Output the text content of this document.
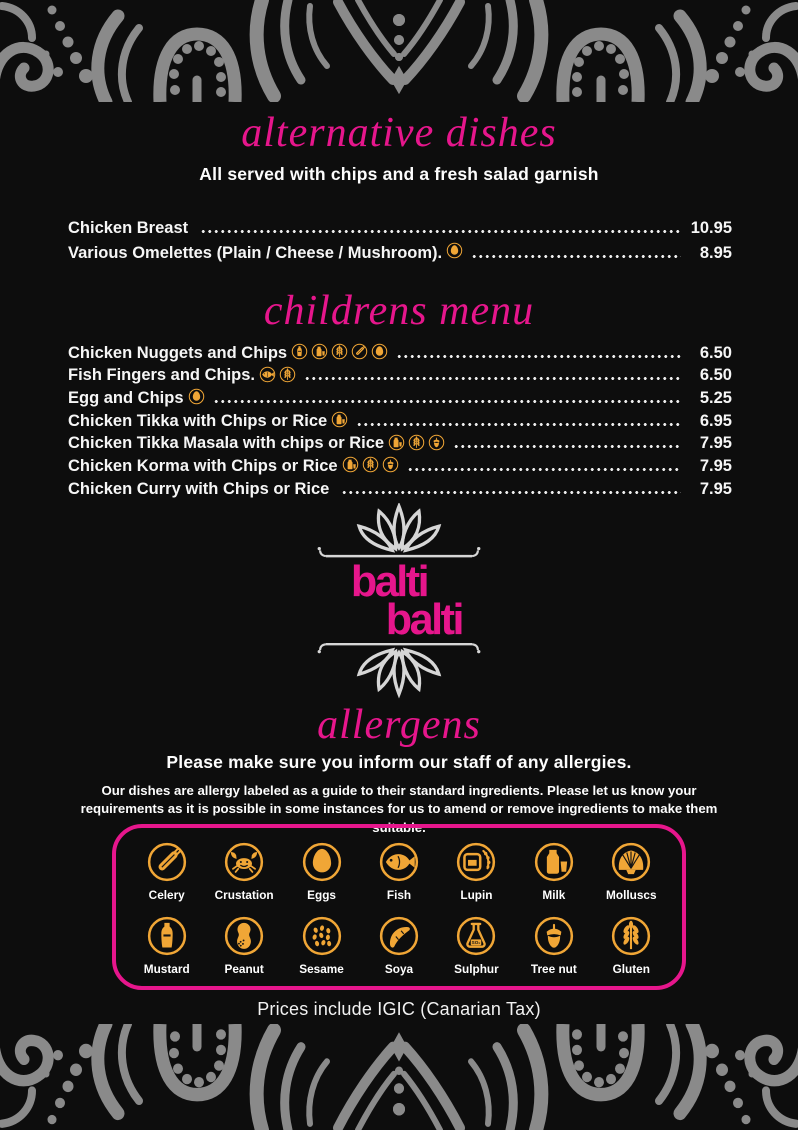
alternative dishes
All served with chips and a fresh salad garnish
Chicken Breast	10.95
Various Omelettes (Plain / Cheese / Mushroom).	8.95
childrens menu
Chicken Nuggets and Chips	6.50
Fish Fingers and Chips.	6.50
Egg and Chips	5.25
Chicken Tikka with Chips or Rice	6.95
Chicken Tikka Masala with chips or Rice	7.95
Chicken Korma with Chips or Rice	7.95
Chicken Curry with Chips or Rice	7.95
balti
balti
allergens
Please make sure you inform our staff of any allergies.
Our dishes are allergy labeled as a guide to their standard ingredients. Please let us know your requirements as it is possible in some instances for us to amend or remove ingredients to make them suitable.
Celery	Crustation	Eggs	Fish	Lupin	Milk	Molluscs
Mustard	Peanut	Sesame	Soya	Sulphur	Tree nut	Gluten
Prices include IGIC (Canarian Tax)
